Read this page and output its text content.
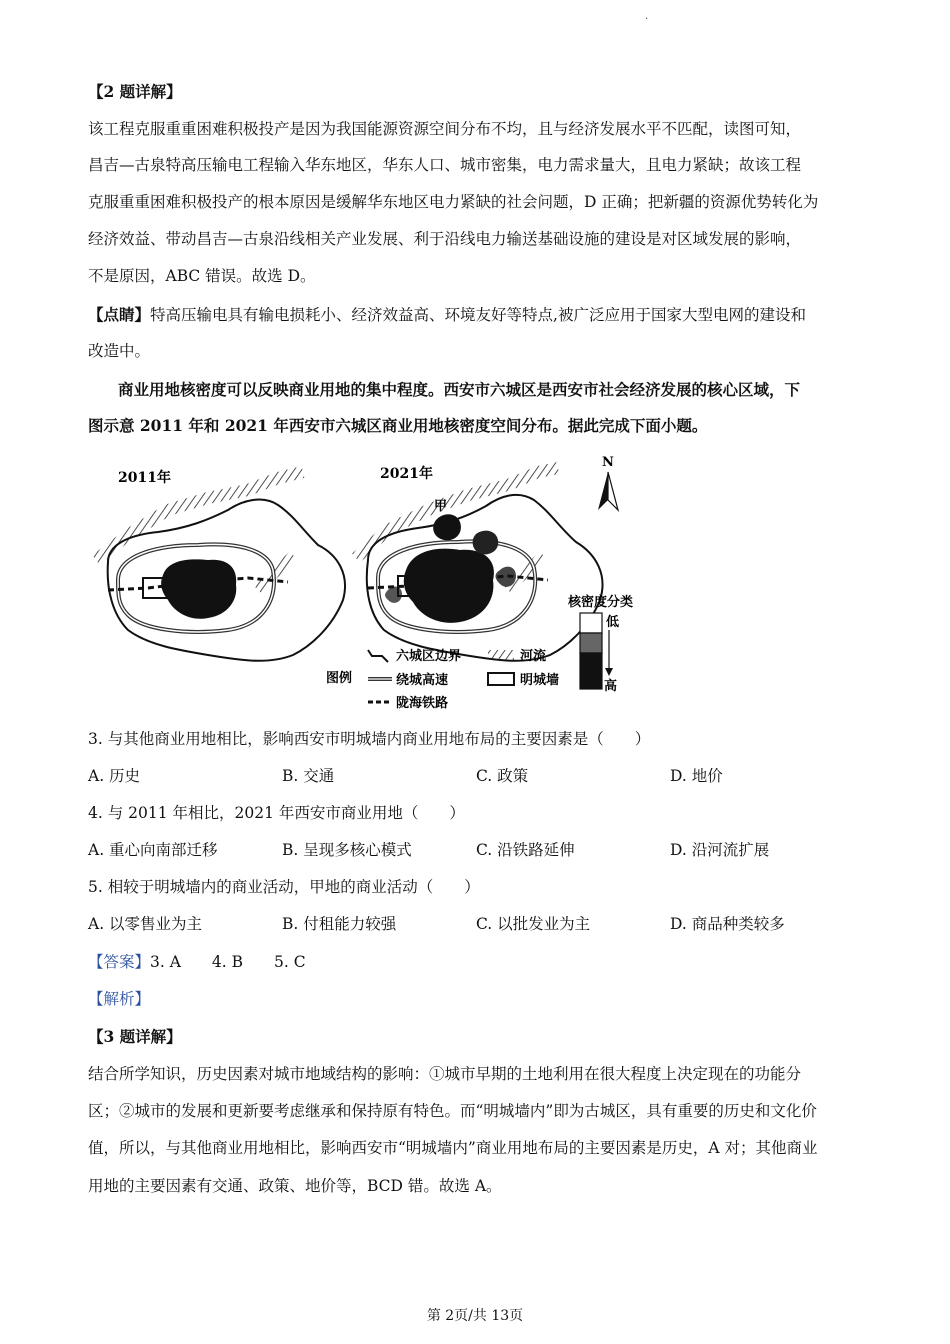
·
【2 题详解】
该工程克服重重困难积极投产是因为我国能源资源空间分布不均，且与经济发展水平不匹配，读图可知，
昌吉—古泉特高压输电工程输入华东地区，华东人口、城市密集，电力需求量大，且电力紧缺；故该工程
克服重重困难积极投产的根本原因是缓解华东地区电力紧缺的社会问题，D 正确；把新疆的资源优势转化为
经济效益、带动昌吉—古泉沿线相关产业发展、利于沿线电力输送基础设施的建设是对区域发展的影响，
不是原因，ABC 错误。故选 D。
【点睛】特高压输电具有输电损耗小、经济效益高、环境友好等特点,被广泛应用于国家大型电网的建设和
改造中。
商业用地核密度可以反映商业用地的集中程度。西安市六城区是西安市社会经济发展的核心区域，下
图示意 2011 年和 2021 年西安市六城区商业用地核密度空间分布。据此完成下面小题。
2011年	2021年
甲
N
核密度分类
低
高
图例
六城区边界
绕城高速
陇海铁路
河流
明城墙
3. 与其他商业用地相比，影响西安市明城墙内商业用地布局的主要因素是（　　）
A. 历史	B. 交通	C. 政策	D. 地价
4. 与 2011 年相比，2021 年西安市商业用地（　　）
A. 重心向南部迁移	B. 呈现多核心模式	C. 沿铁路延伸	D. 沿河流扩展
5. 相较于明城墙内的商业活动，甲地的商业活动（　　）
A. 以零售业为主	B. 付租能力较强	C. 以批发业为主	D. 商品种类较多
【答案】3. A　　4. B　　5. C
【解析】
【3 题详解】
结合所学知识，历史因素对城市地域结构的影响：①城市早期的土地利用在很大程度上决定现在的功能分
区；②城市的发展和更新要考虑继承和保持原有特色。而“明城墙内”即为古城区，具有重要的历史和文化价
值，所以，与其他商业用地相比，影响西安市“明城墙内”商业用地布局的主要因素是历史，A 对；其他商业
用地的主要因素有交通、政策、地价等，BCD 错。故选 A。
第 2页/共 13页
